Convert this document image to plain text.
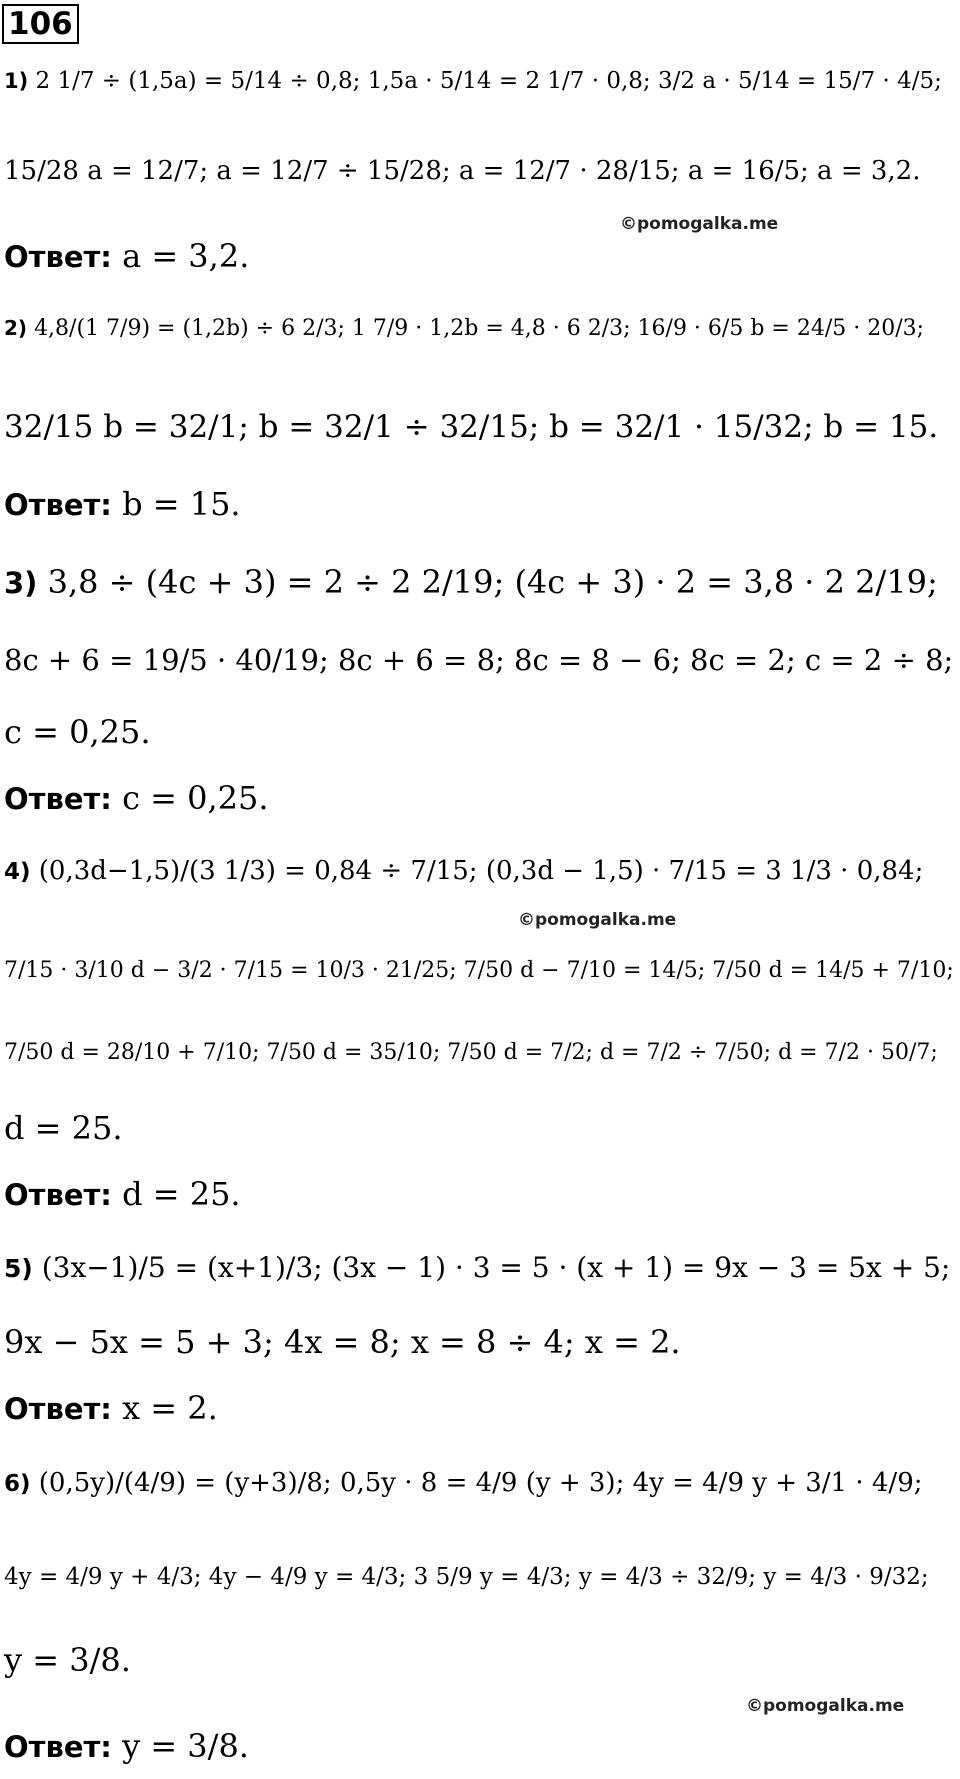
106
1) 2 1/7 ÷ (1,5a) = 5/14 ÷ 0,8; 1,5a · 5/14 = 2 1/7 · 0,8; 3/2 a · 5/14 = 15/7 · 4/5;
15/28 a = 12/7; a = 12/7 ÷ 15/28; a = 12/7 · 28/15; a = 16/5; a = 3,2.
©pomogalka.me
Ответ: a = 3,2.
2) 4,8/(1 7/9) = (1,2b) ÷ 6 2/3; 1 7/9 · 1,2b = 4,8 · 6 2/3; 16/9 · 6/5 b = 24/5 · 20/3;
32/15 b = 32/1; b = 32/1 ÷ 32/15; b = 32/1 · 15/32; b = 15.
Ответ: b = 15.
3) 3,8 ÷ (4c + 3) = 2 ÷ 2 2/19; (4c + 3) · 2 = 3,8 · 2 2/19;
8c + 6 = 19/5 · 40/19; 8c + 6 = 8; 8c = 8 − 6; 8c = 2; c = 2 ÷ 8;
c = 0,25.
Ответ: c = 0,25.
4) (0,3d−1,5)/(3 1/3) = 0,84 ÷ 7/15; (0,3d − 1,5) · 7/15 = 3 1/3 · 0,84;
©pomogalka.me
7/15 · 3/10 d − 3/2 · 7/15 = 10/3 · 21/25; 7/50 d − 7/10 = 14/5; 7/50 d = 14/5 + 7/10;
7/50 d = 28/10 + 7/10; 7/50 d = 35/10; 7/50 d = 7/2; d = 7/2 ÷ 7/50; d = 7/2 · 50/7;
d = 25.
Ответ: d = 25.
5) (3x−1)/5 = (x+1)/3; (3x − 1) · 3 = 5 · (x + 1) = 9x − 3 = 5x + 5;
9x − 5x = 5 + 3; 4x = 8; x = 8 ÷ 4; x = 2.
Ответ: x = 2.
6) (0,5y)/(4/9) = (y+3)/8; 0,5y · 8 = 4/9 (y + 3); 4y = 4/9 y + 3/1 · 4/9;
4y = 4/9 y + 4/3; 4y − 4/9 y = 4/3; 3 5/9 y = 4/3; y = 4/3 ÷ 32/9; y = 4/3 · 9/32;
y = 3/8.
©pomogalka.me
Ответ: y = 3/8.
